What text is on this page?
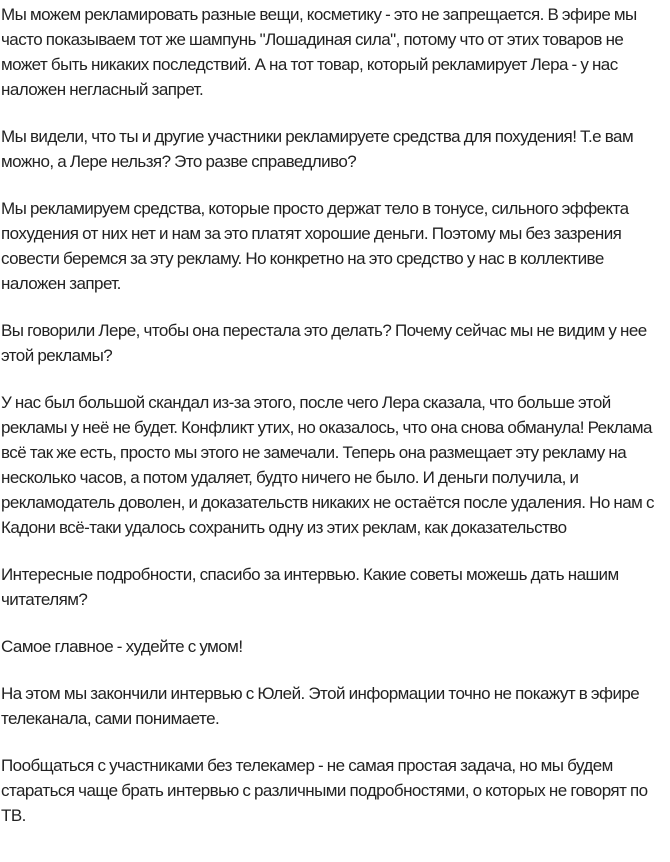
Мы можем рекламировать разные вещи, косметику - это не запрещается. В эфире мы часто показываем тот же шампунь "Лошадиная сила", потому что от этих товаров не может быть никаких последствий. А на тот товар, который рекламирует Лера - у нас наложен негласный запрет.

Мы видели, что ты и другие участники рекламируете средства для похудения! Т.е вам можно, а Лере нельзя? Это разве справедливо?

Мы рекламируем средства, которые просто держат тело в тонусе, сильного эффекта похудения от них нет и нам за это платят хорошие деньги. Поэтому мы без зазрения совести беремся за эту рекламу. Но конкретно на это средство у нас в коллективе наложен запрет.

Вы говорили Лере, чтобы она перестала это делать? Почему сейчас мы не видим у нее этой рекламы?

У нас был большой скандал из-за этого, после чего Лера сказала, что больше этой рекламы у неё не будет. Конфликт утих, но оказалось, что она снова обманула! Реклама всё так же есть, просто мы этого не замечали. Теперь она размещает эту рекламу на несколько часов, а потом удаляет, будто ничего не было. И деньги получила, и рекламодатель доволен, и доказательств никаких не остаётся после удаления. Но нам с Кадони всё-таки удалось сохранить одну из этих реклам, как доказательство

Интересные подробности, спасибо за интервью. Какие советы можешь дать нашим читателям?

Самое главное - худейте с умом!

На этом мы закончили интервью с Юлей. Этой информации точно не покажут в эфире телеканала, сами понимаете.

Пообщаться с участниками без телекамер - не самая простая задача, но мы будем стараться чаще брать интервью с различными подробностями, о которых не говорят по ТВ.
